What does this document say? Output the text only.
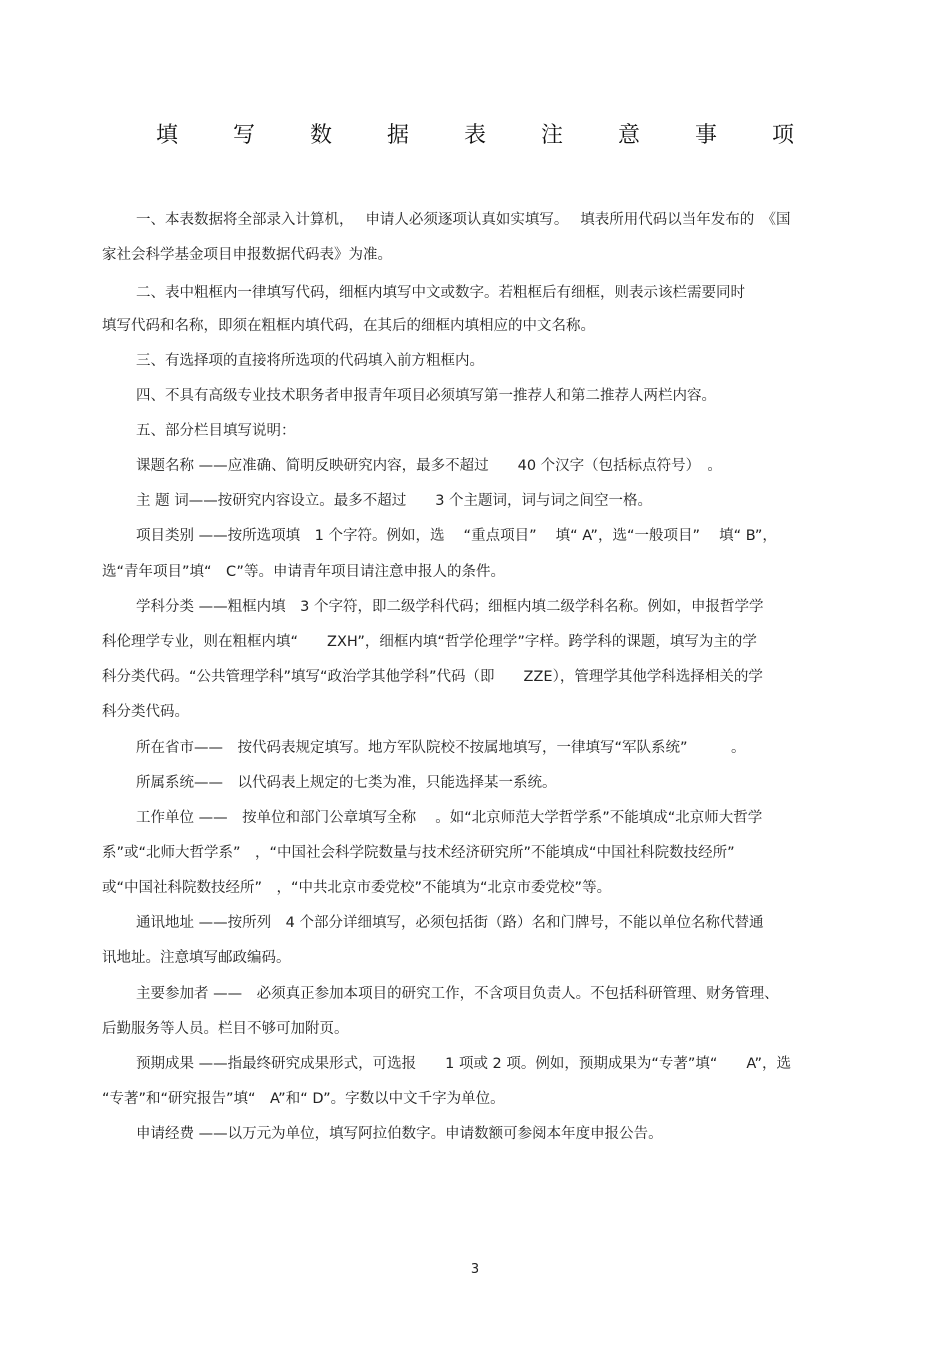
填 写 数 据 表 注 意 事 项
一、本表数据将全部录入计算机，　 申请人必须逐项认真如实填写。　 填表所用代码以当年发布的　《国
家社会科学基金项目申报数据代码表》为准。
二、表中粗框内一律填写代码，细框内填写中文或数字。若粗框后有细框，则表示该栏需要同时
填写代码和名称，即须在粗框内填代码，在其后的细框内填相应的中文名称。
三、有选择项的直接将所选项的代码填入前方粗框内。
四、不具有高级专业技术职务者申报青年项目必须填写第一推荐人和第二推荐人两栏内容。
五、部分栏目填写说明：
课题名称 ——应准确、简明反映研究内容，最多不超过　　40 个汉字（包括标点符号）　。
主 题 词——按研究内容设立。最多不超过　　3 个主题词，词与词之间空一格。
项目类别 ——按所选项填　1 个字符。例如，选　 “重点项目”　 填“ A”，选“一般项目”　 填“ B”，
选“青年项目”填“　C”等。申请青年项目请注意申报人的条件。
学科分类 ——粗框内填　3 个字符，即二级学科代码；细框内填二级学科名称。例如，申报哲学学
科伦理学专业，则在粗框内填“　　ZXH”，细框内填“哲学伦理学”字样。跨学科的课题，填写为主的学
科分类代码。“公共管理学科”填写“政治学其他学科”代码（即　　ZZE），管理学其他学科选择相关的学
科分类代码。
所在省市——　按代码表规定填写。地方军队院校不按属地填写，一律填写“军队系统”　　　。
所属系统——　以代码表上规定的七类为准，只能选择某一系统。
工作单位 ——　按单位和部门公章填写全称　 。如“北京师范大学哲学系”不能填成“北京师大哲学
系”或“北师大哲学系”　，“中国社会科学院数量与技术经济研究所”不能填成“中国社科院数技经所”
或“中国社科院数技经所”　，“中共北京市委党校”不能填为“北京市委党校”等。
通讯地址 ——按所列　4 个部分详细填写，必须包括街（路）名和门牌号，不能以单位名称代替通
讯地址。注意填写邮政编码。
主要参加者 ——　必须真正参加本项目的研究工作，不含项目负责人。不包括科研管理、财务管理、
后勤服务等人员。栏目不够可加附页。
预期成果 ——指最终研究成果形式，可选报　　1 项或 2 项。例如，预期成果为“专著”填“　　A”，选
“专著”和“研究报告”填“　A”和“ D”。字数以中文千字为单位。
申请经费 ——以万元为单位，填写阿拉伯数字。申请数额可参阅本年度申报公告。
3
